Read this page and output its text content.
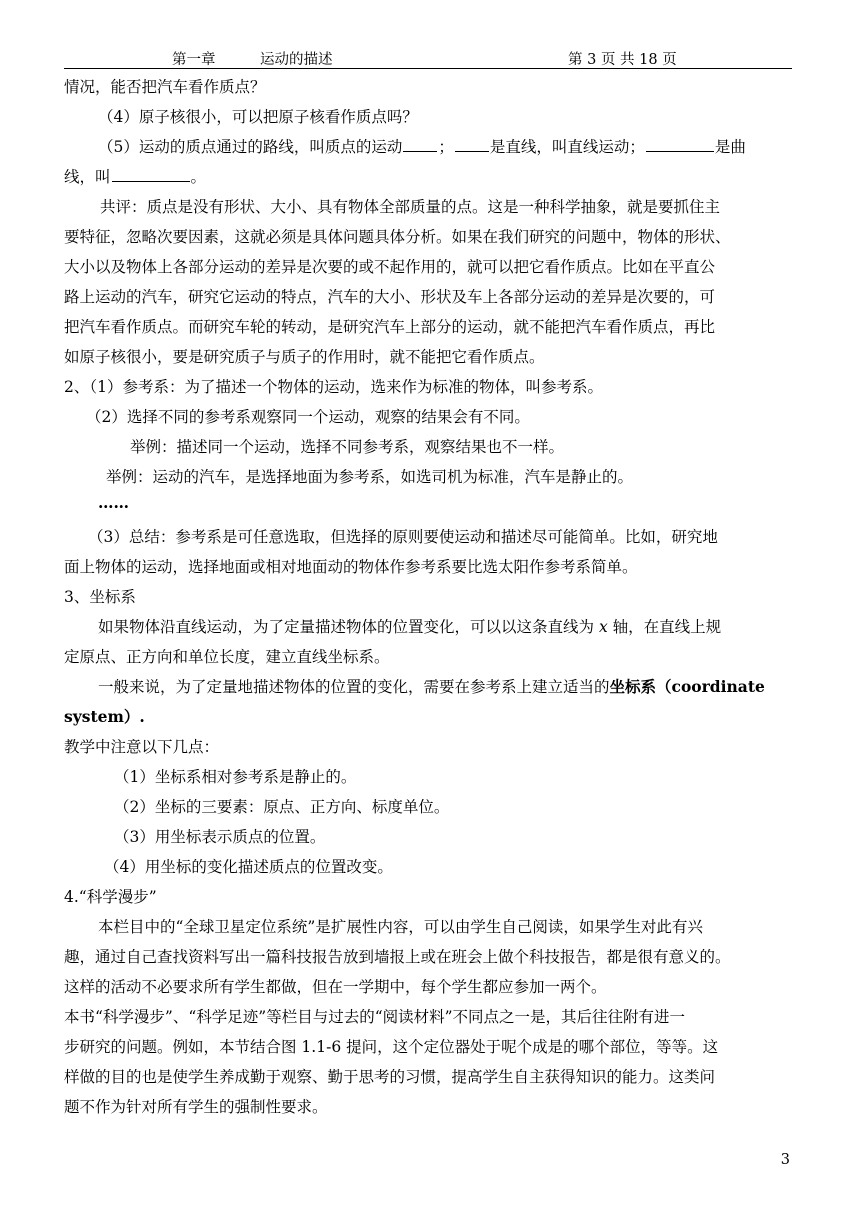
第一章	运动的描述	第 3 页 共 18 页
情况，能否把汽车看作质点？
（4）原子核很小，可以把原子核看作质点吗？
（5）运动的质点通过的路线，叫质点的运动 ； 是直线，叫直线运动；	是曲
线，叫	。
共评：质点是没有形状、大小、具有物体全部质量的点。这是一种科学抽象，就是要抓住主
要特征，忽略次要因素，这就必须是具体问题具体分析。如果在我们研究的问题中，物体的形状、
大小以及物体上各部分运动的差异是次要的或不起作用的，就可以把它看作质点。比如在平直公
路上运动的汽车，研究它运动的特点，汽车的大小、形状及车上各部分运动的差异是次要的，可
把汽车看作质点。而研究车轮的转动，是研究汽车上部分的运动，就不能把汽车看作质点，再比
如原子核很小，要是研究质子与质子的作用时，就不能把它看作质点。
2、（1）参考系：为了描述一个物体的运动，选来作为标准的物体，叫参考系。
（2）选择不同的参考系观察同一个运动，观察的结果会有不同。
举例：描述同一个运动，选择不同参考系，观察结果也不一样。
举例：运动的汽车，是选择地面为参考系，如选司机为标准，汽车是静止的。
……
（3）总结：参考系是可任意选取，但选择的原则要使运动和描述尽可能简单。比如，研究地
面上物体的运动，选择地面或相对地面动的物体作参考系要比选太阳作参考系简单。
3、坐标系
如果物体沿直线运动，为了定量描述物体的位置变化，可以以这条直线为 x 轴，在直线上规
定原点、正方向和单位长度，建立直线坐标系。
一般来说，为了定量地描述物体的位置的变化，需要在参考系上建立适当的坐标系（coordinate
system）.
教学中注意以下几点：
（1）坐标系相对参考系是静止的。
（2）坐标的三要素：原点、正方向、标度单位。
（3）用坐标表示质点的位置。
（4）用坐标的变化描述质点的位置改变。
4.“科学漫步”
本栏目中的“全球卫星定位系统”是扩展性内容，可以由学生自己阅读，如果学生对此有兴
趣，通过自己查找资料写出一篇科技报告放到墙报上或在班会上做个科技报告，都是很有意义的。
这样的活动不必要求所有学生都做，但在一学期中，每个学生都应参加一两个。
本书“科学漫步”、“科学足迹”等栏目与过去的“阅读材料”不同点之一是，其后往往附有进一
步研究的问题。例如，本节结合图 1.1-6 提问，这个定位器处于呢个成是的哪个部位，等等。这
样做的目的也是使学生养成勤于观察、勤于思考的习惯，提高学生自主获得知识的能力。这类问
题不作为针对所有学生的强制性要求。
3
